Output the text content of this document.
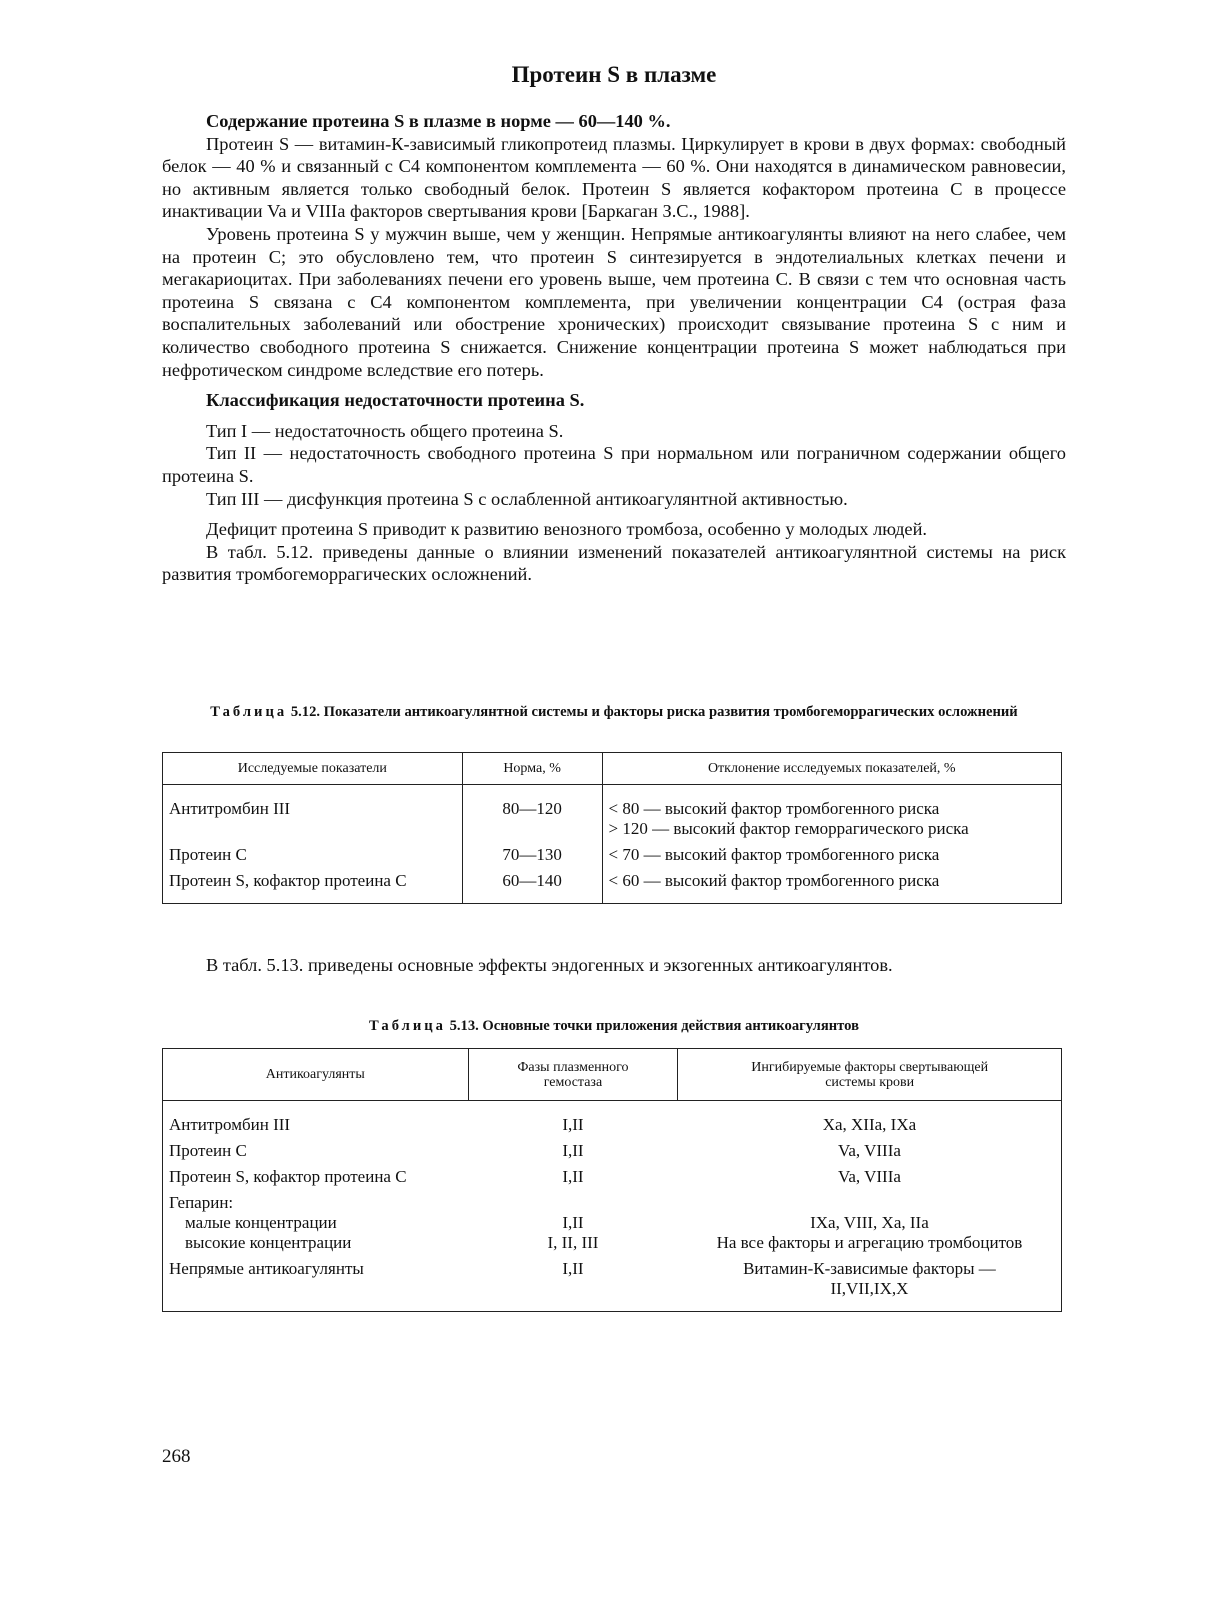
Протеин S в плазме

Содержание протеина S в плазме в норме — 60—140 %.

Протеин S — витамин-К-зависимый гликопротеид плазмы. Циркулирует в крови в двух формах: свободный белок — 40 % и связанный с C4 компонентом комплемента — 60 %. Они находятся в динамическом равновесии, но активным является только свободный белок. Протеин S является кофактором протеина C в процессе инактивации Va и VIIIa факторов свертывания крови [Баркаган З.С., 1988].

Уровень протеина S у мужчин выше, чем у женщин. Непрямые антикоагулянты влияют на него слабее, чем на протеин C; это обусловлено тем, что протеин S синтезируется в эндотелиальных клетках печени и мегакариоцитах. При заболеваниях печени его уровень выше, чем протеина C. В связи с тем что основная часть протеина S связана с C4 компонентом комплемента, при увеличении концентрации C4 (острая фаза воспалительных заболеваний или обострение хронических) происходит связывание протеина S с ним и количество свободного протеина S снижается. Снижение концентрации протеина S может наблюдаться при нефротическом синдроме вследствие его потерь.

Классификация недостаточности протеина S.

Тип I — недостаточность общего протеина S.

Тип II — недостаточность свободного протеина S при нормальном или пограничном содержании общего протеина S.

Тип III — дисфункция протеина S с ослабленной антикоагулянтной активностью.

Дефицит протеина S приводит к развитию венозного тромбоза, особенно у молодых людей.

В табл. 5.12. приведены данные о влиянии изменений показателей антикоагулянтной системы на риск развития тромбогеморрагических осложнений.

Таблица 5.12. Показатели антикоагулянтной системы и факторы риска развития тромбогеморрагических осложнений
Исследуемые показатели	Норма, %	Отклонение исследуемых показателей, %
Антитромбин III	80—120	< 80 — высокий фактор тромбогенного риска
> 120 — высокий фактор геморрагического риска

Протеин C	70—130	< 70 — высокий фактор тромбогенного риска
Протеин S, кофактор протеина C	60—140	< 60 — высокий фактор тромбогенного риска

В табл. 5.13. приведены основные эффекты эндогенных и экзогенных антикоагулянтов.

Таблица 5.13. Основные точки приложения действия антикоагулянтов
Антикоагулянты	Фазы плазменного гемостаза	Ингибируемые факторы свертывающей системы крови
Антитромбин III	I,II	Xa, XIIa, IXa
Протеин C	I,II	Va, VIIIa
Протеин S, кофактор протеина C	I,II	Va, VIIIa
Гепарин:		
малые концентрации	I,II	IXa, VIII, Xa, IIa
высокие концентрации	I, II, III	На все факторы и агрегацию тромбоцитов
Непрямые антикоагулянты	I,II	Витамин-К-зависимые факторы — II,VII,IX,X
268
